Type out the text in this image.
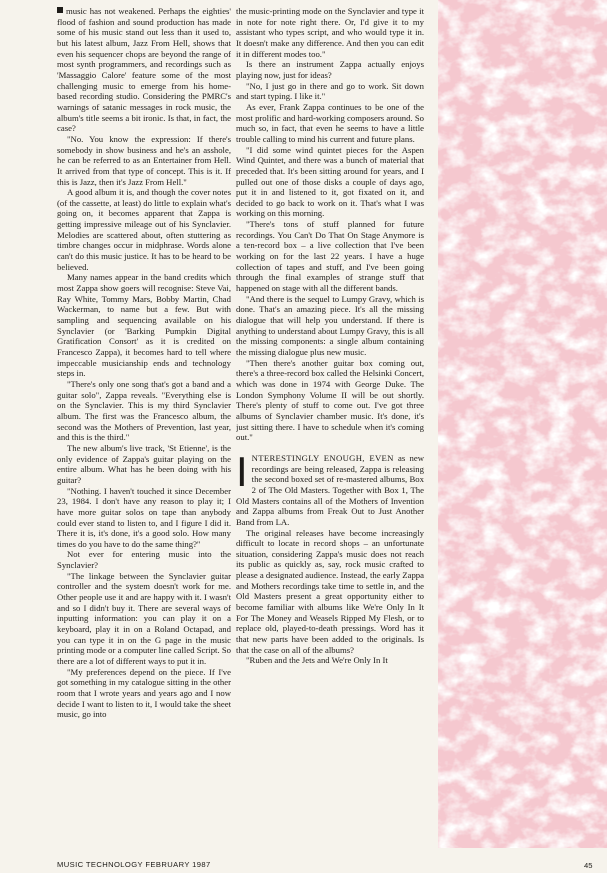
music has not weakened. Perhaps the eighties' flood of fashion and sound production has made some of his music stand out less than it used to, but his latest album, Jazz From Hell, shows that even his sequencer chops are beyond the range of most synth programmers, and recordings such as 'Massaggio Calore' feature some of the most challenging music to emerge from his home-based recording studio. Considering the PMRC's warnings of satanic messages in rock music, the album's title seems a bit ironic. Is that, in fact, the case?

"No. You know the expression: If there's somebody in show business and he's an asshole, he can be referred to as an Entertainer from Hell. It arrived from that type of concept. This is it. If this is Jazz, then it's Jazz From Hell."

A good album it is, and though the cover notes (of the cassette, at least) do little to explain what's going on, it becomes apparent that Zappa is getting impressive mileage out of his Synclavier. Melodies are scattered about, often stuttering as timbre changes occur in midphrase. Words alone can't do this music justice. It has to be heard to be believed.

Many names appear in the band credits which most Zappa show goers will recognise: Steve Vai, Ray White, Tommy Mars, Bobby Martin, Chad Wackerman, to name but a few. But with sampling and sequencing available on his Synclavier (or 'Barking Pumpkin Digital Gratification Consort' as it is credited on Francesco Zappa), it becomes hard to tell where impeccable musicianship ends and technology steps in.

"There's only one song that's got a band and a guitar solo", Zappa reveals. "Everything else is on the Synclavier. This is my third Synclavier album. The first was the Francesco album, the second was the Mothers of Prevention, last year, and this is the third."

The new album's live track, 'St Etienne', is the only evidence of Zappa's guitar playing on the entire album. What has he been doing with his guitar?

"Nothing. I haven't touched it since December 23, 1984. I don't have any reason to play it; I have more guitar solos on tape than anybody could ever stand to listen to, and I figure I did it. There it is, it's done, it's a good solo. How many times do you have to do the same thing?"

Not ever for entering music into the Synclavier?

"The linkage between the Synclavier guitar controller and the system doesn't work for me. Other people use it and are happy with it. I wasn't and so I didn't buy it. There are several ways of inputting information: you can play it on a keyboard, play it in on a Roland Octapad, and you can type it in on the G page in the music printing mode or a computer line called Script. So there are a lot of different ways to put it in.

"My preferences depend on the piece. If I've got something in my catalogue sitting in the other room that I wrote years and years ago and I now decide I want to listen to it, I would take the sheet music, go into

the music-printing mode on the Synclavier and type it in note for note right there. Or, I'd give it to my assistant who types script, and who would type it in. It doesn't make any difference. And then you can edit it in different modes too."

Is there an instrument Zappa actually enjoys playing now, just for ideas?

"No, I just go in there and go to work. Sit down and start typing. I like it."

As ever, Frank Zappa continues to be one of the most prolific and hard-working composers around. So much so, in fact, that even he seems to have a little trouble calling to mind his current and future plans.

"I did some wind quintet pieces for the Aspen Wind Quintet, and there was a bunch of material that preceded that. It's been sitting around for years, and I pulled out one of those disks a couple of days ago, put it in and listened to it, got fixated on it, and decided to go back to work on it. That's what I was working on this morning.

"There's tons of stuff planned for future recordings. You Can't Do That On Stage Anymore is a ten-record box – a live collection that I've been working on for the last 22 years. I have a huge collection of tapes and stuff, and I've been going through the final examples of strange stuff that happened on stage with all the different bands.

"And there is the sequel to Lumpy Gravy, which is done. That's an amazing piece. It's all the missing dialogue that will help you understand. If there is anything to understand about Lumpy Gravy, this is all the missing components: a single album containing the missing dialogue plus new music.

"Then there's another guitar box coming out, there's a three-record box called the Helsinki Concert, which was done in 1974 with George Duke. The London Symphony Volume II will be out shortly. There's plenty of stuff to come out. I've got three albums of Synclavier chamber music. It's done, it's just sitting there. I have to schedule when it's coming out."

INTERESTINGLY ENOUGH, EVEN as new recordings are being released, Zappa is releasing the second boxed set of re-mastered albums, Box 2 of The Old Masters. Together with Box 1, The Old Masters contains all of the Mothers of Invention and Zappa albums from Freak Out to Just Another Band from LA.

The original releases have become increasingly difficult to locate in record shops – an unfortunate situation, considering Zappa's music does not reach its public as quickly as, say, rock music crafted to please a designated audience. Instead, the early Zappa and Mothers recordings take time to settle in, and the Old Masters present a great opportunity either to become familiar with albums like We're Only In It For The Money and Weasels Ripped My Flesh, or to replace old, played-to-death pressings. Word has it that new parts have been added to the originals. Is that the case on all of the albums?

"Ruben and the Jets and We're Only In It

MUSIC TECHNOLOGY FEBRUARY 1987	45
